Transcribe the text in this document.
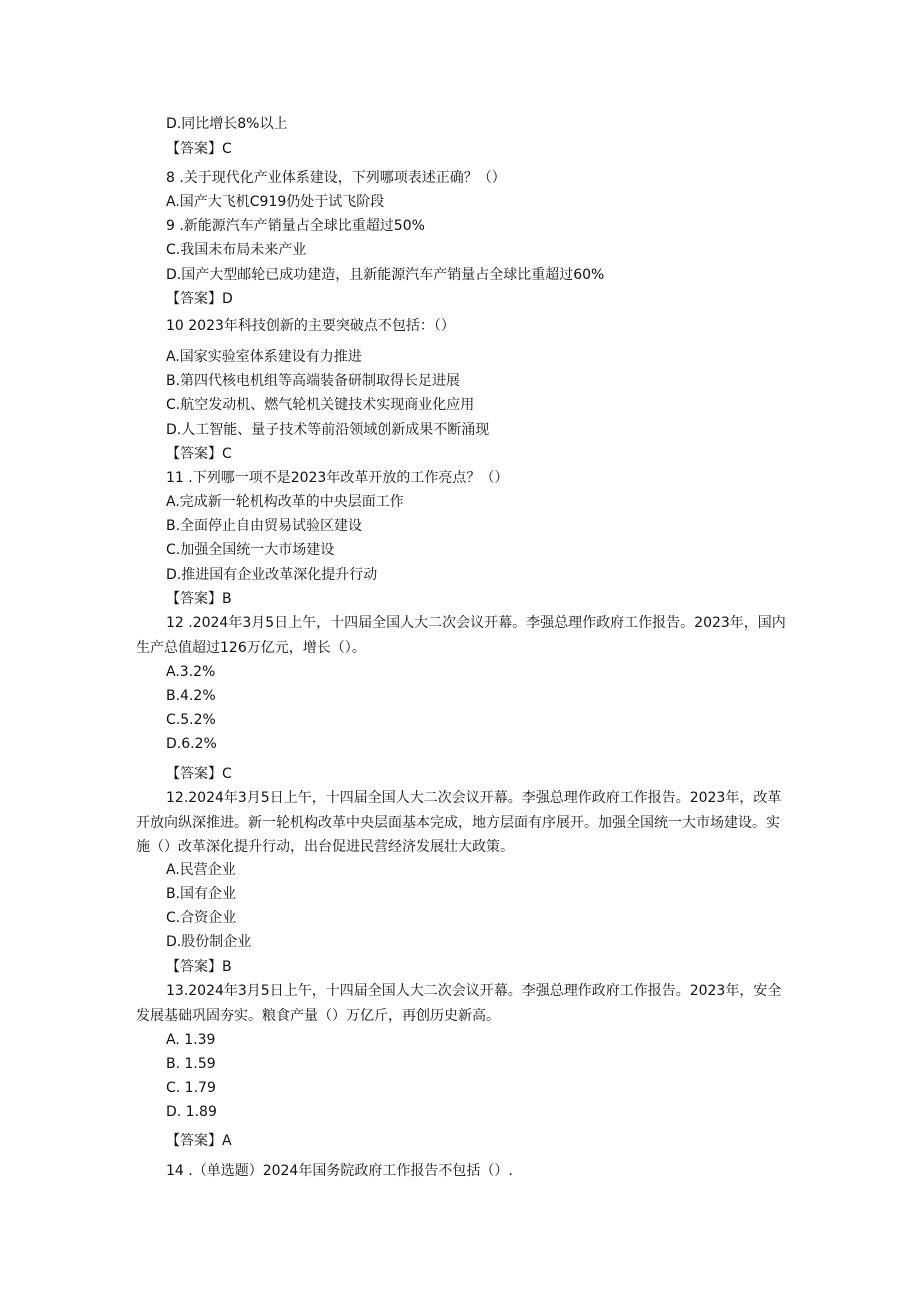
D.同比增长8%以上
【答案】C
8 .关于现代化产业体系建设，下列哪项表述正确？（）
A.国产大飞机C919仍处于试飞阶段
9 .新能源汽车产销量占全球比重超过50%
C.我国未布局未来产业
D.国产大型邮轮已成功建造，且新能源汽车产销量占全球比重超过60%
【答案】D
10 2023年科技创新的主要突破点不包括：（）
A.国家实验室体系建设有力推进
B.第四代核电机组等高端装备研制取得长足进展
C.航空发动机、燃气轮机关键技术实现商业化应用
D.人工智能、量子技术等前沿领域创新成果不断涌现
【答案】C
11 .下列哪一项不是2023年改革开放的工作亮点？（）
A.完成新一轮机构改革的中央层面工作
B.全面停止自由贸易试验区建设
C.加强全国统一大市场建设
D.推进国有企业改革深化提升行动
【答案】B
12 .2024年3月5日上午，十四届全国人大二次会议开幕。李强总理作政府工作报告。2023年，国内生产总值超过126万亿元，增长（）。
A.3.2%
B.4.2%
C.5.2%
D.6.2%
【答案】C
12.2024年3月5日上午，十四届全国人大二次会议开幕。李强总理作政府工作报告。2023年，改革开放向纵深推进。新一轮机构改革中央层面基本完成，地方层面有序展开。加强全国统一大市场建设。实施（）改革深化提升行动，出台促进民营经济发展壮大政策。
A.民营企业
B.国有企业
C.合资企业
D.股份制企业
【答案】B
13.2024年3月5日上午，十四届全国人大二次会议开幕。李强总理作政府工作报告。2023年，安全发展基础巩固夯实。粮食产量（）万亿斤，再创历史新高。
A. 1.39
B. 1.59
C. 1.79
D. 1.89
【答案】A
14 .（单选题）2024年国务院政府工作报告不包括（）.
